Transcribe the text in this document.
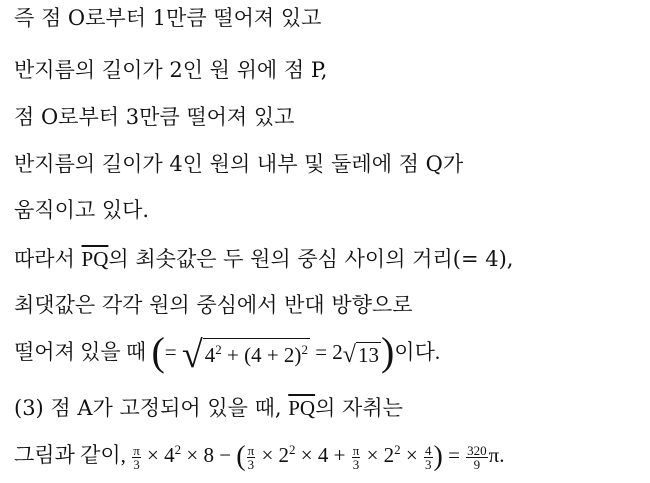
즉 점 O로부터 1만큼 떨어져 있고
반지름의 길이가 2인 원 위에 점 P,
점 O로부터 3만큼 떨어져 있고
반지름의 길이가 4인 원의 내부 및 둘레에 점 Q가
움직이고 있다.
따라서 $\overline{PQ}$의 최솟값은 두 원의 중심 사이의 거리(= 4),
최댓값은 각각 원의 중심에서 반대 방향으로
떨어져 있을 때 (= √ $4^2 + (4 + 2)^2 = 2$ √ 13 )이다.
(3) 점 A가 고정되어 있을 때, $\overline{PQ}$의 자취는
그림과 같이, $\frac{\pi}{3} \times 4^2 \times 8$ − ( $\frac{\pi}{3} \times 2^2 \times 4 + \frac{\pi}{3} \times 2^2 \times \frac{4}{3}$ ) = $\frac{320}{9} \pi$.
